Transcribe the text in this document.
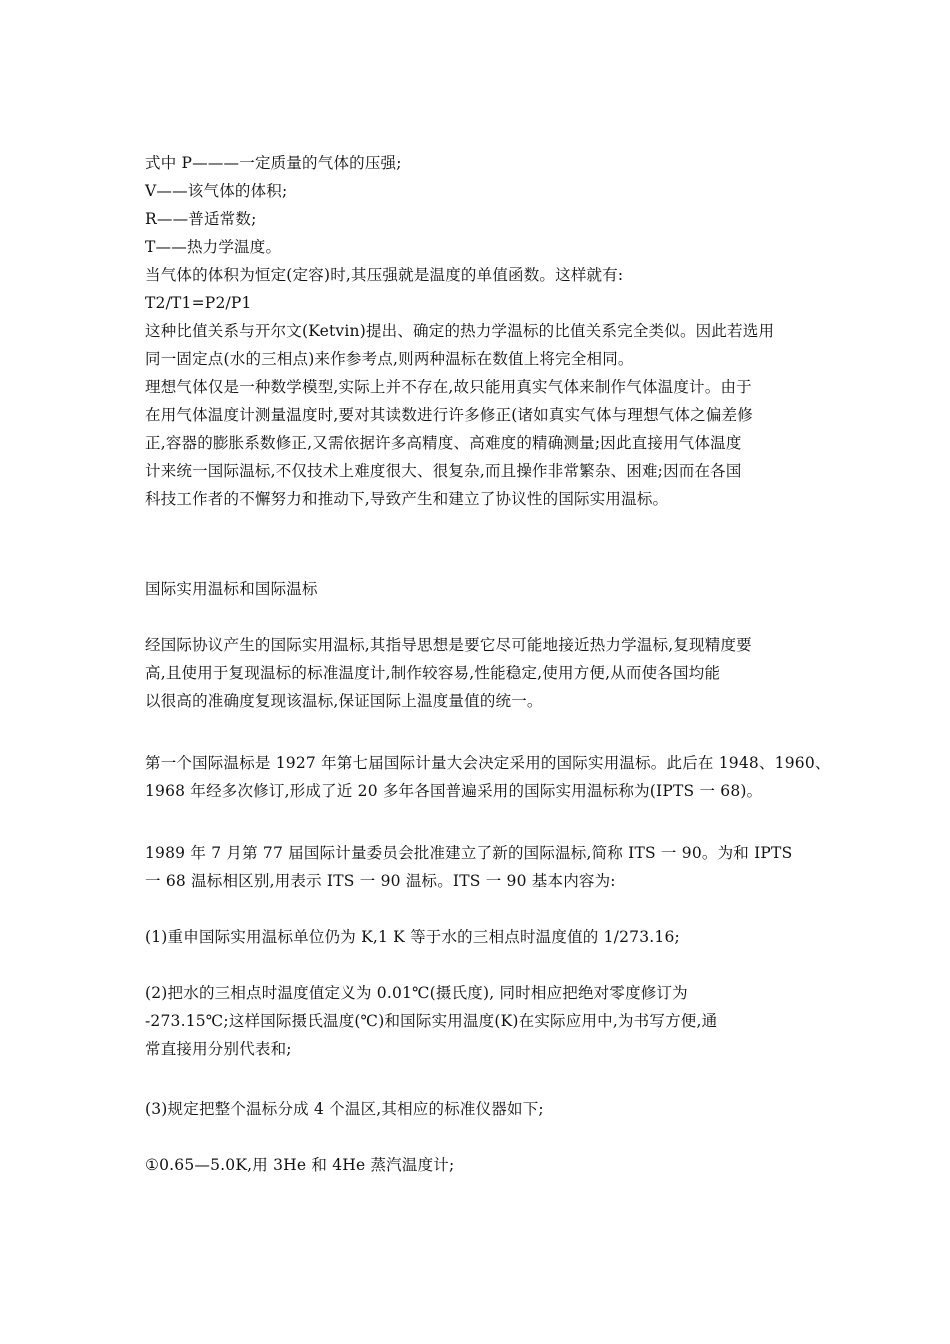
式中 P———一定质量的气体的压强;
V——该气体的体积;
R——普适常数;
T——热力学温度。
当气体的体积为恒定(定容)时,其压强就是温度的单值函数。这样就有:
T2/T1=P2/P1
这种比值关系与开尔文(Ketvin)提出、确定的热力学温标的比值关系完全类似。因此若选用
同一固定点(水的三相点)来作参考点,则两种温标在数值上将完全相同。
理想气体仅是一种数学模型,实际上并不存在,故只能用真实气体来制作气体温度计。由于
在用气体温度计测量温度时,要对其读数进行许多修正(诸如真实气体与理想气体之偏差修
正,容器的膨胀系数修正,又需依据许多高精度、高难度的精确测量;因此直接用气体温度
计来统一国际温标,不仅技术上难度很大、很复杂,而且操作非常繁杂、困难;因而在各国
科技工作者的不懈努力和推动下,导致产生和建立了协议性的国际实用温标。
国际实用温标和国际温标
经国际协议产生的国际实用温标,其指导思想是要它尽可能地接近热力学温标,复现精度要
高,且使用于复现温标的标准温度计,制作较容易,性能稳定,使用方便,从而使各国均能
以很高的准确度复现该温标,保证国际上温度量值的统一。
第一个国际温标是 1927 年第七届国际计量大会决定采用的国际实用温标。此后在 1948、1960、
1968 年经多次修订,形成了近 20 多年各国普遍采用的国际实用温标称为(IPTS 一 68)。
1989 年 7 月第 77 届国际计量委员会批准建立了新的国际温标,简称 ITS 一 90。为和 IPTS
一 68 温标相区别,用表示 ITS 一 90 温标。ITS 一 90 基本内容为:
(1)重申国际实用温标单位仍为 K,1 K 等于水的三相点时温度值的 1/273.16;
(2)把水的三相点时温度值定义为 0.01℃(摄氏度), 同时相应把绝对零度修订为
-273.15℃;这样国际摄氏温度(℃)和国际实用温度(K)在实际应用中,为书写方便,通
常直接用分别代表和;
(3)规定把整个温标分成 4 个温区,其相应的标准仪器如下;
①0.65—5.0K,用 3He 和 4He 蒸汽温度计;
